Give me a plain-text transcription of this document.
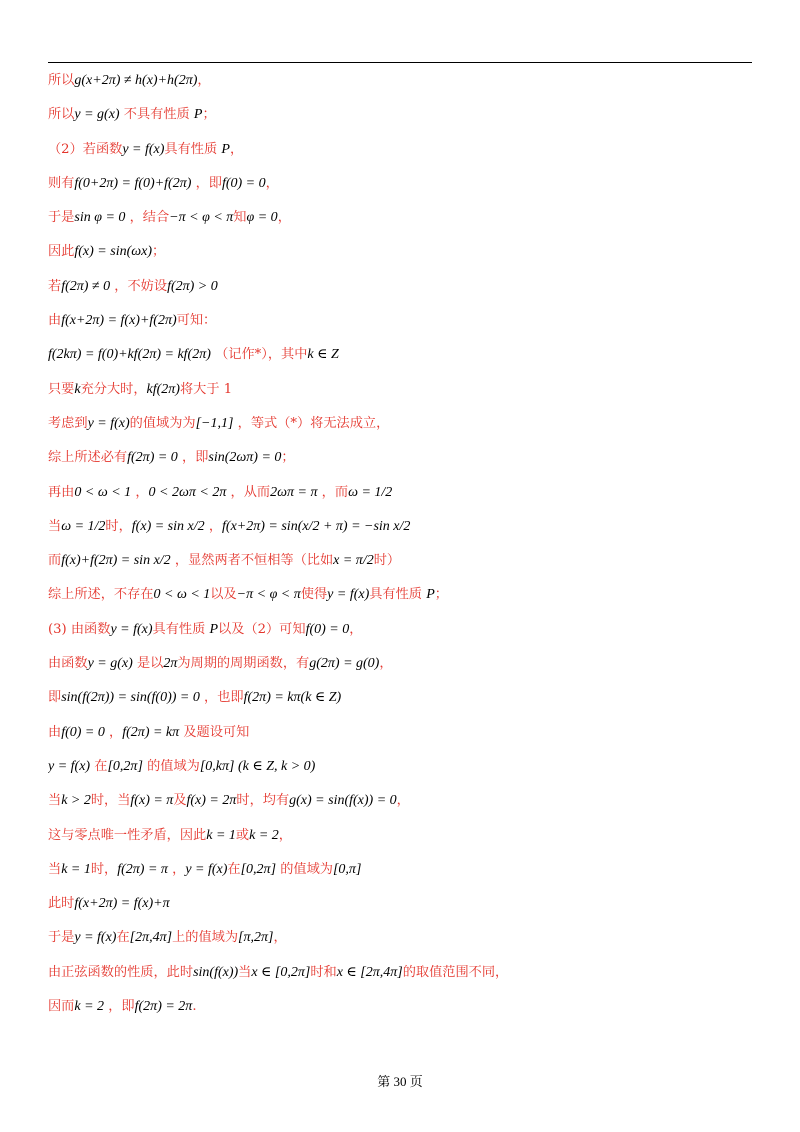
所以g(x+2π) ≠ h(x)+h(2π)，
所以y = g(x) 不具有性质 P；
（2）若函数y = f(x)具有性质 P，
则有f(0+2π) = f(0)+f(2π) ，即f(0) = 0，
于是sin φ = 0 ，结合−π < φ < π知φ = 0，
因此f(x) = sin(ωx)；
若f(2π) ≠ 0 ，不妨设f(2π) > 0
由f(x+2π) = f(x)+f(2π)可知：
f(2kπ) = f(0)+kf(2π) = kf(2π) （记作*），其中k ∈ Z
只要k充分大时，kf(2π)将大于 1
考虑到y = f(x)的值域为为[−1,1] ，等式（*）将无法成立，
综上所述必有f(2π) = 0 ，即sin(2ωπ) = 0；
再由0 < ω < 1 ，0 < 2ωπ < 2π ，从而2ωπ = π ，而ω = 1/2
当ω = 1/2时，f(x) = sin x/2 ，f(x+2π) = sin(x/2 + π) = −sin x/2
而f(x)+f(2π) = sin x/2 ，显然两者不恒相等（比如x = π/2时）
综上所述，不存在0 < ω < 1以及−π < φ < π使得y = f(x)具有性质 P；
(3) 由函数y = f(x)具有性质 P以及（2）可知f(0) = 0，
由函数y = g(x) 是以2π为周期的周期函数，有g(2π) = g(0)，
即sin(f(2π)) = sin(f(0)) = 0 ，也即f(2π) = kπ(k ∈ Z)
由f(0) = 0 ，f(2π) = kπ 及题设可知
y = f(x) 在[0,2π] 的值域为[0,kπ] (k ∈ Z, k > 0)
当k > 2时，当f(x) = π及f(x) = 2π时，均有g(x) = sin(f(x)) = 0，
这与零点唯一性矛盾，因此k = 1或k = 2，
当k = 1时，f(2π) = π ，y = f(x)在[0,2π] 的值域为[0,π]
此时f(x+2π) = f(x)+π
于是y = f(x)在[2π,4π]上的值域为[π,2π]，
由正弦函数的性质，此时sin(f(x))当x ∈ [0,2π]时和x ∈ [2π,4π]的取值范围不同，
因而k = 2 ，即f(2π) = 2π.
第 30 页
